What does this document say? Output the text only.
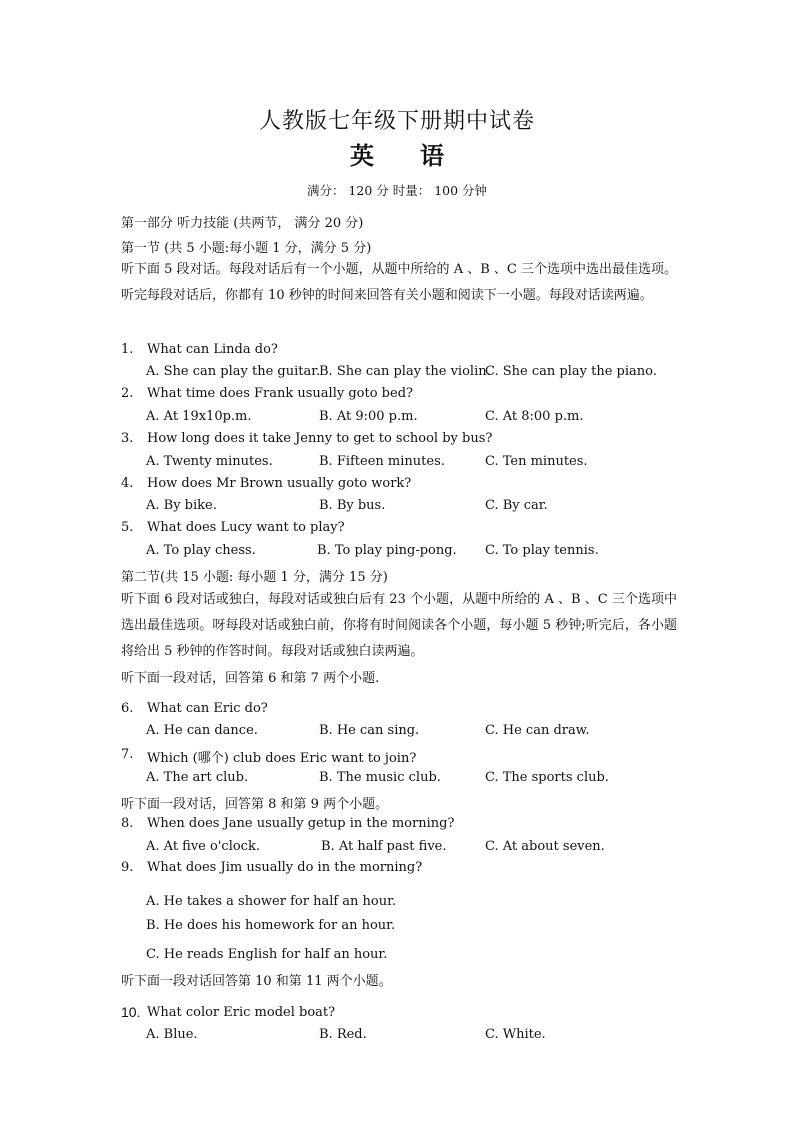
人教版七年级下册期中试卷
英 语
满分： 120 分 时量： 100 分钟
第一部分 听力技能 (共两节， 满分 20 分)
第一节 (共 5 小题:每小题 1 分，满分 5 分)
听下面 5 段对话。每段对话后有一个小题，从题中所给的 A 、B 、C 三个选项中选出最佳选项。听完每段对话后，你都有 10 秒钟的时间来回答有关小题和阅读下一小题。每段对话读两遍。
1. What can Linda do?
A. She can play the guitar.
B. She can play the violin.
C. She can play the piano.
2. What time does Frank usually goto bed?
A. At 19x10p.m.	B. At 9:00 p.m.	C. At 8:00 p.m.
3. How long does it take Jenny to get to school by bus?
A. Twenty minutes.	B. Fifteen minutes.	C. Ten minutes.
4. How does Mr Brown usually goto work?
A. By bike.	B. By bus.	C. By car.
5. What does Lucy want to play?
A. To play chess.	B. To play ping-pong. C. To play tennis.
第二节(共 15 小题: 每小题 1 分，满分 15 分)
听下面 6 段对话或独白，每段对话或独白后有 23 个小题，从题中所给的 A 、B 、C 三个选项中选出最佳选项。呀每段对话或独白前，你将有时间阅读各个小题，每小题 5 秒钟;听完后，各小题将给出 5 秒钟的作答时间。每段对话或独白读两遍。
听下面一段对话，回答第 6 和第 7 两个小题.
6. What can Eric do?
A. He can dance.	B. He can sing.	C. He can draw.
7. Which (哪个) club does Eric want to join?
A. The art club.	B. The music club.	C. The sports club.
听下面一段对话，回答第 8 和第 9 两个小题。
8. When does Jane usually getup in the morning?
A. At five o'clock.	B. At half past five.	C. At about seven.
9. What does Jim usually do in the morning?
A. He takes a shower for half an hour.
B. He does his homework for an hour.
C. He reads English for half an hour.
听下面一段对话回答第 10 和第 11 两个小题。
10. What color Eric model boat?
A. Blue.	B. Red.	C. White.
